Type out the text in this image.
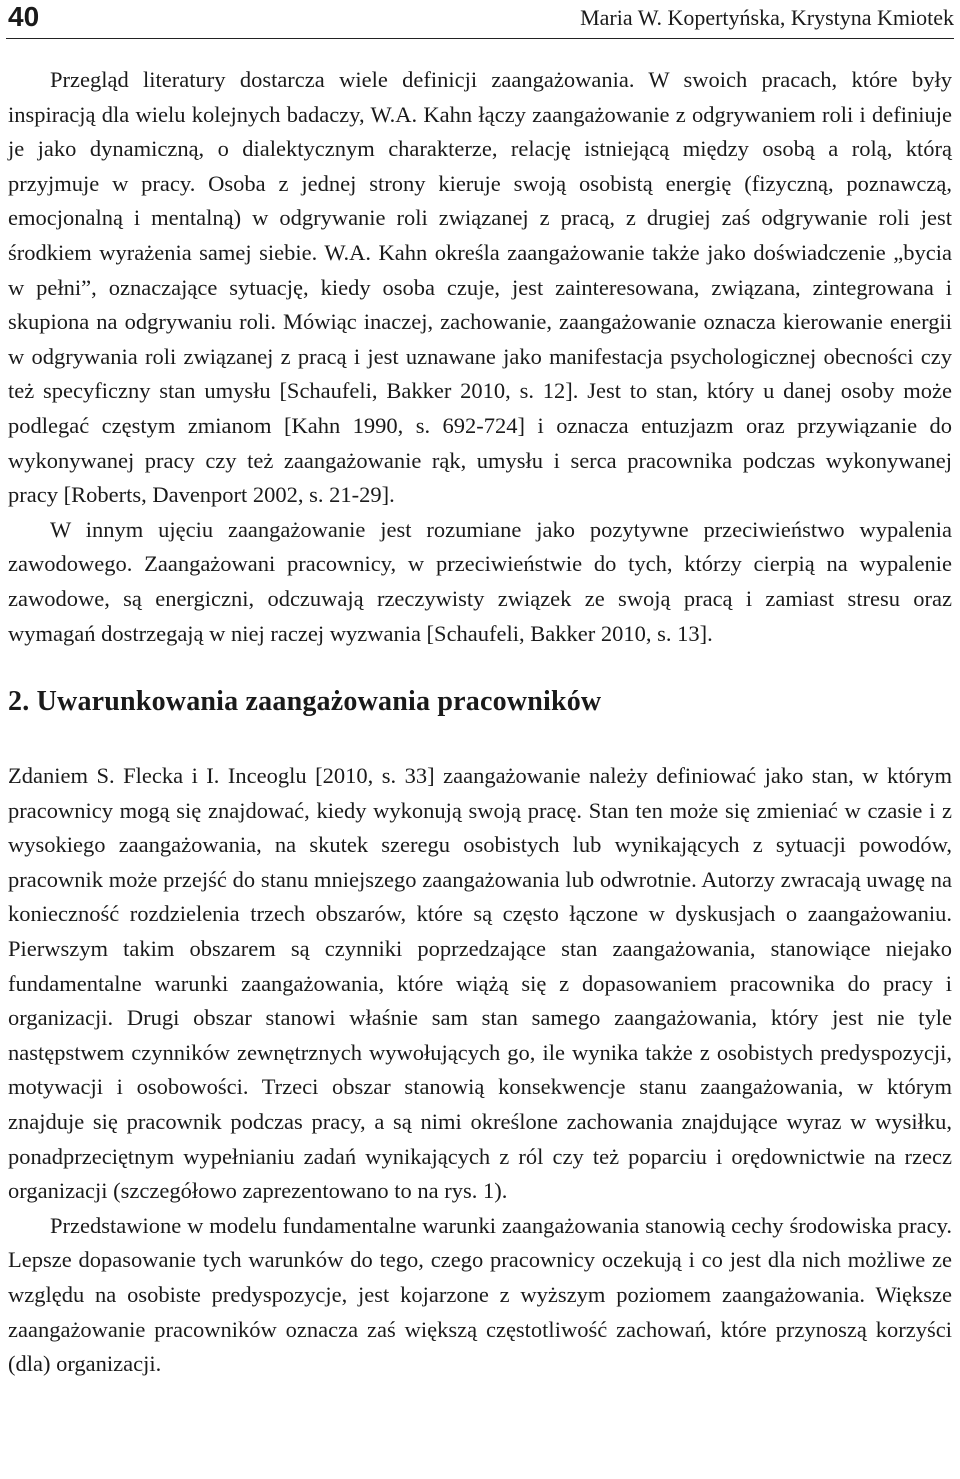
40	Maria W. Kopertyńska, Krystyna Kmiotek

Przegląd literatury dostarcza wiele definicji zaangażowania. W swoich pracach, które były inspiracją dla wielu kolejnych badaczy, W.A. Kahn łączy zaangażowanie z odgrywaniem roli i definiuje je jako dynamiczną, o dialektycznym charakterze, relację istniejącą między osobą a rolą, którą przyjmuje w pracy. Osoba z jednej strony kieruje swoją osobistą energię (fizyczną, poznawczą, emocjonalną i mentalną) w odgrywanie roli związanej z pracą, z drugiej zaś odgrywanie roli jest środkiem wyrażenia samej siebie. W.A. Kahn określa zaangażowanie także jako doświadczenie „bycia w pełni”, oznaczające sytuację, kiedy osoba czuje, jest zainteresowana, związana, zintegrowana i skupiona na odgrywaniu roli. Mówiąc inaczej, zachowanie, zaangażowanie oznacza kierowanie energii w odgrywania roli związanej z pracą i jest uznawane jako manifestacja psychologicznej obecności czy też specyficzny stan umysłu [Schaufeli, Bakker 2010, s. 12]. Jest to stan, który u danej osoby może podlegać częstym zmianom [Kahn 1990, s. 692-724] i oznacza entuzjazm oraz przywiązanie do wykonywanej pracy czy też zaangażowanie rąk, umysłu i serca pracownika podczas wykonywanej pracy [Roberts, Davenport 2002, s. 21-29].

W innym ujęciu zaangażowanie jest rozumiane jako pozytywne przeciwieństwo wypalenia zawodowego. Zaangażowani pracownicy, w przeciwieństwie do tych, którzy cierpią na wypalenie zawodowe, są energiczni, odczuwają rzeczywisty związek ze swoją pracą i zamiast stresu oraz wymagań dostrzegają w niej raczej wyzwania [Schaufeli, Bakker 2010, s. 13].

2. Uwarunkowania zaangażowania pracowników

Zdaniem S. Flecka i I. Inceoglu [2010, s. 33] zaangażowanie należy definiować jako stan, w którym pracownicy mogą się znajdować, kiedy wykonują swoją pracę. Stan ten może się zmieniać w czasie i z wysokiego zaangażowania, na skutek szeregu osobistych lub wynikających z sytuacji powodów, pracownik może przejść do stanu mniejszego zaangażowania lub odwrotnie. Autorzy zwracają uwagę na konieczność rozdzielenia trzech obszarów, które są często łączone w dyskusjach o zaangażowaniu. Pierwszym takim obszarem są czynniki poprzedzające stan zaangażowania, stanowiące niejako fundamentalne warunki zaangażowania, które wiążą się z dopasowaniem pracownika do pracy i organizacji. Drugi obszar stanowi właśnie sam stan samego zaangażowania, który jest nie tyle następstwem czynników zewnętrznych wywołujących go, ile wynika także z osobistych predyspozycji, motywacji i osobowości. Trzeci obszar stanowią konsekwencje stanu zaangażowania, w którym znajduje się pracownik podczas pracy, a są nimi określone zachowania znajdujące wyraz w wysiłku, ponadprzeciętnym wypełnianiu zadań wynikających z ról czy też poparciu i orędownictwie na rzecz organizacji (szczegółowo zaprezentowano to na rys. 1).

Przedstawione w modelu fundamentalne warunki zaangażowania stanowią cechy środowiska pracy. Lepsze dopasowanie tych warunków do tego, czego pracownicy oczekują i co jest dla nich możliwe ze względu na osobiste predyspozycje, jest kojarzone z wyższym poziomem zaangażowania. Większe zaangażowanie pracowników oznacza zaś większą częstotliwość zachowań, które przynoszą korzyści (dla) organizacji.
